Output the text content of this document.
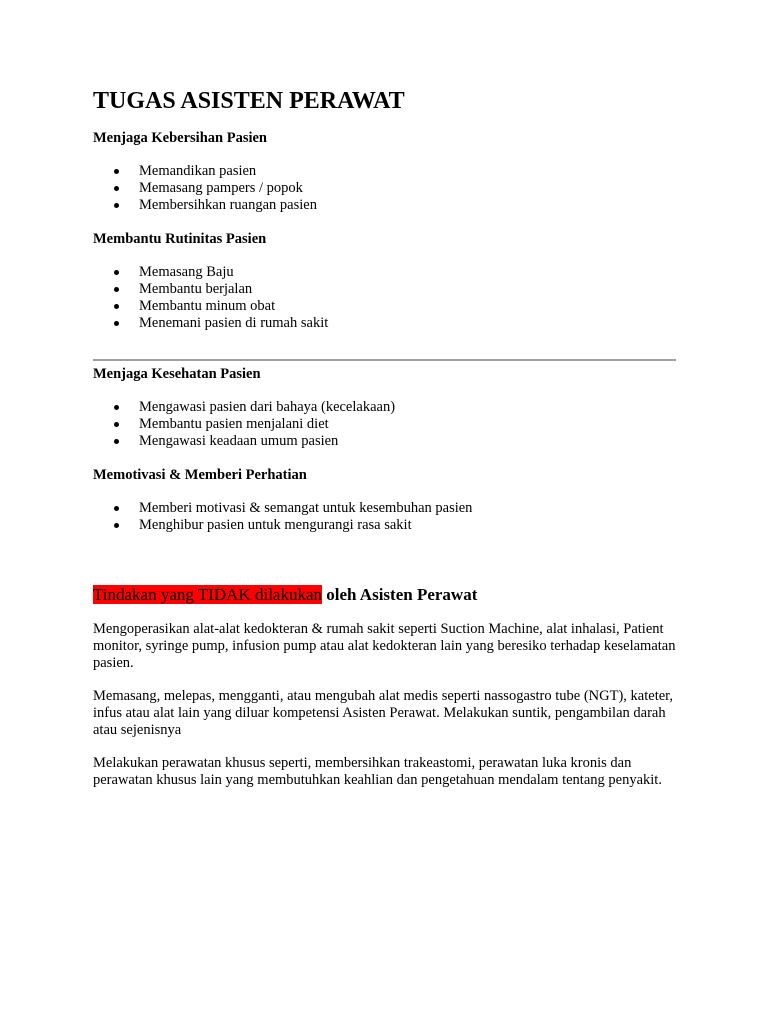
TUGAS ASISTEN PERAWAT
Menjaga Kebersihan Pasien
Memandikan pasien
Memasang pampers / popok
Membersihkan ruangan pasien
Membantu Rutinitas Pasien
Memasang Baju
Membantu berjalan
Membantu minum obat
Menemani pasien di rumah sakit
Menjaga Kesehatan Pasien
Mengawasi pasien dari bahaya (kecelakaan)
Membantu pasien menjalani diet
Mengawasi keadaan umum pasien
Memotivasi & Memberi Perhatian
Memberi motivasi & semangat untuk kesembuhan pasien
Menghibur pasien untuk mengurangi rasa sakit
Tindakan yang TIDAK dilakukan oleh Asisten Perawat

Mengoperasikan alat-alat kedokteran & rumah sakit seperti Suction Machine, alat inhalasi, Patient monitor, syringe pump, infusion pump atau alat kedokteran lain yang beresiko terhadap keselamatan pasien.

Memasang, melepas, mengganti, atau mengubah alat medis seperti nassogastro tube (NGT), kateter, infus atau alat lain yang diluar kompetensi Asisten Perawat. Melakukan suntik, pengambilan darah atau sejenisnya

Melakukan perawatan khusus seperti, membersihkan trakeastomi, perawatan luka kronis dan perawatan khusus lain yang membutuhkan keahlian dan pengetahuan mendalam tentang penyakit.
